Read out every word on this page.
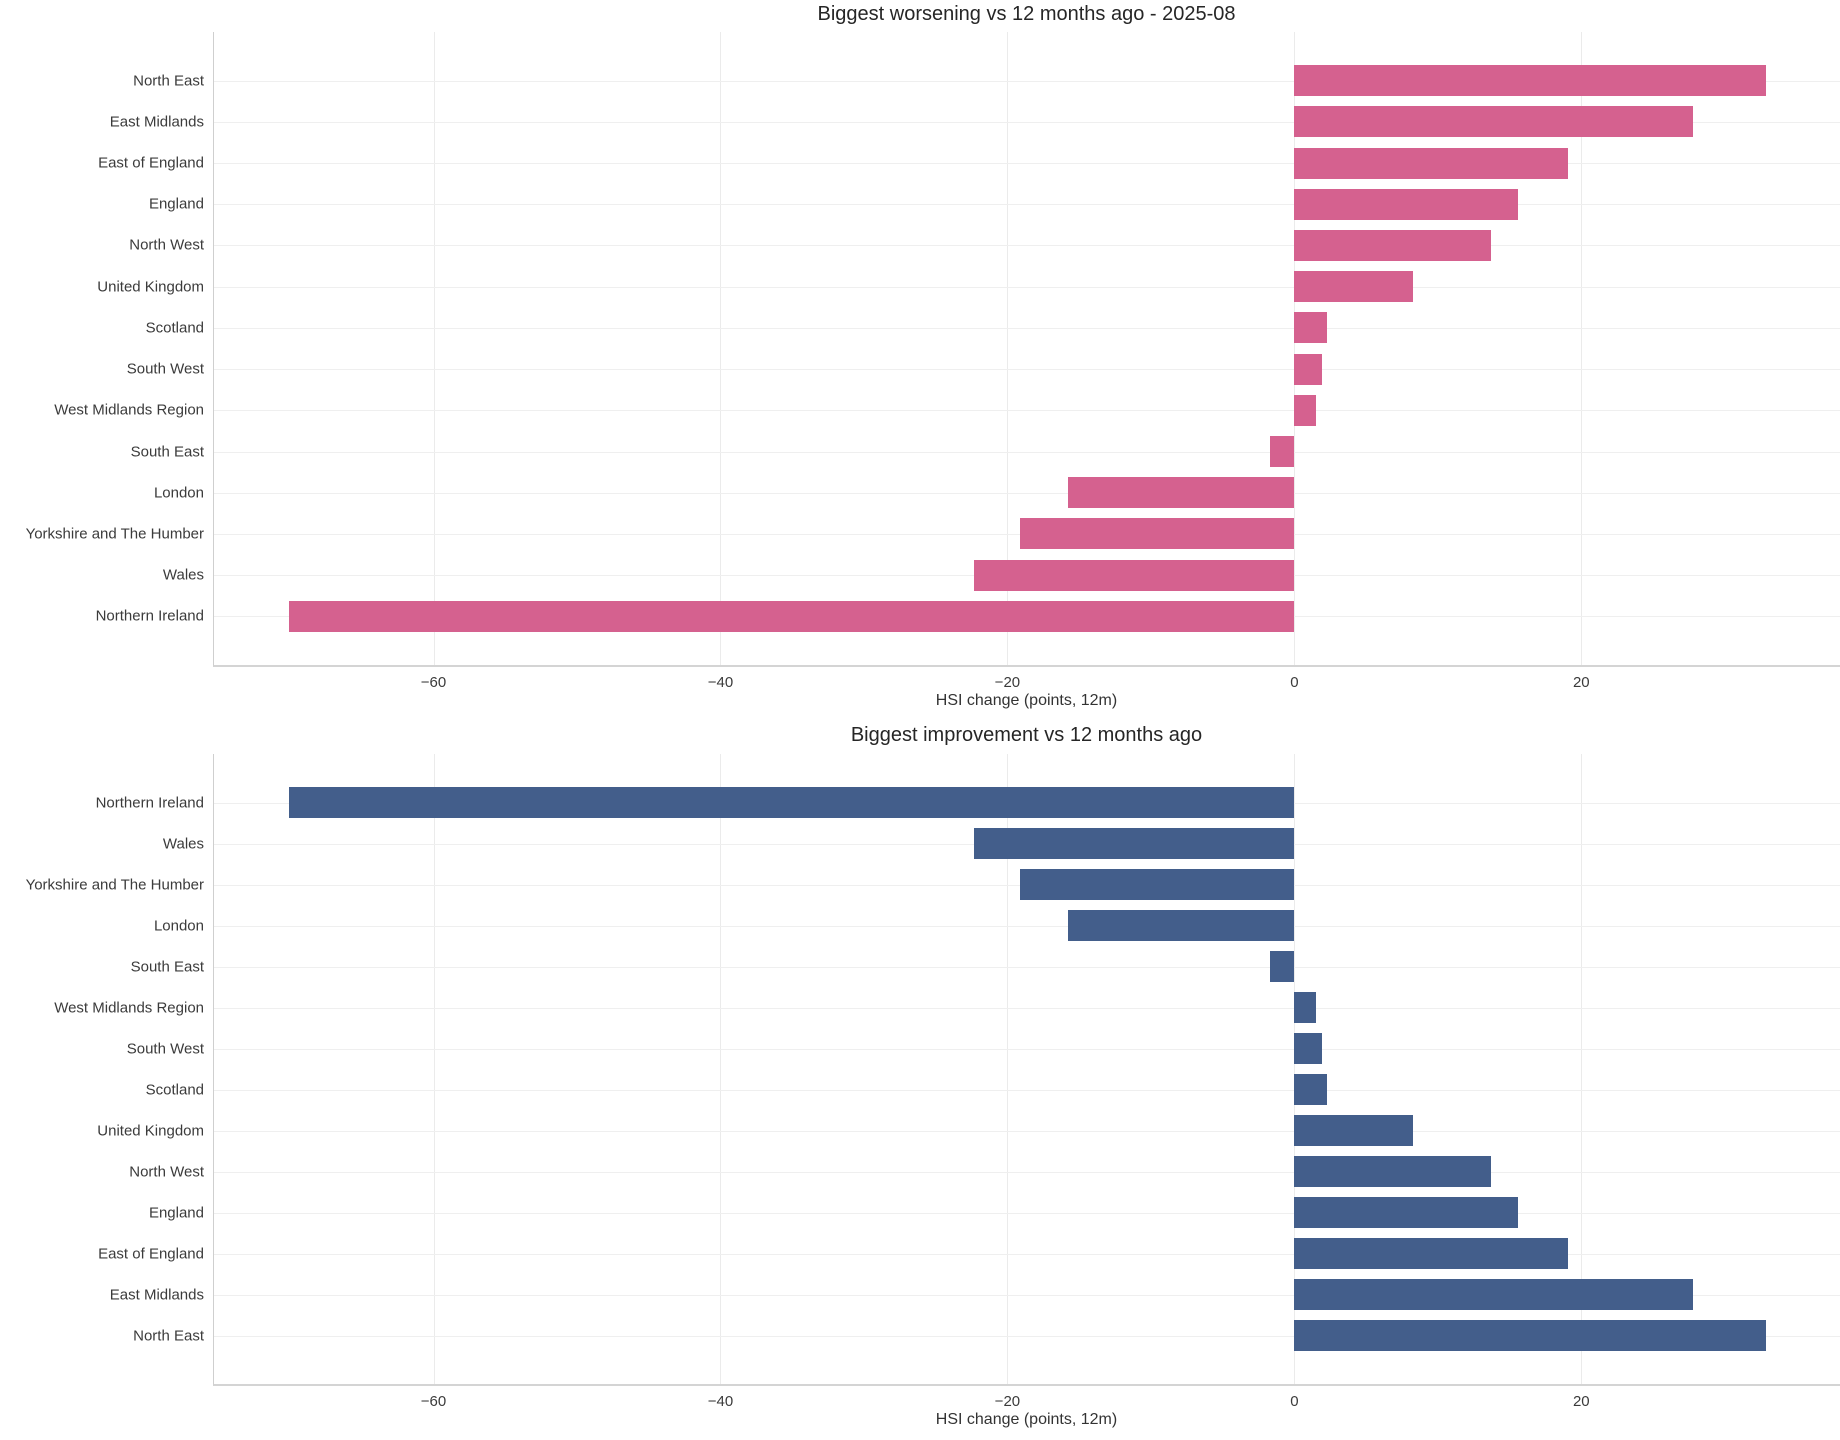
Biggest worsening vs 12 months ago - 2025-08
North East
East Midlands
East of England
England
North West
United Kingdom
Scotland
South West
West Midlands Region
South East
London
Yorkshire and The Humber
Wales
Northern Ireland
−60	−40	−20	0	20
HSI change (points, 12m)
Biggest improvement vs 12 months ago
Northern Ireland
Wales
Yorkshire and The Humber
London
South East
West Midlands Region
South West
Scotland
United Kingdom
North West
England
East of England
East Midlands
North East
−60	−40	−20	0	20
HSI change (points, 12m)
